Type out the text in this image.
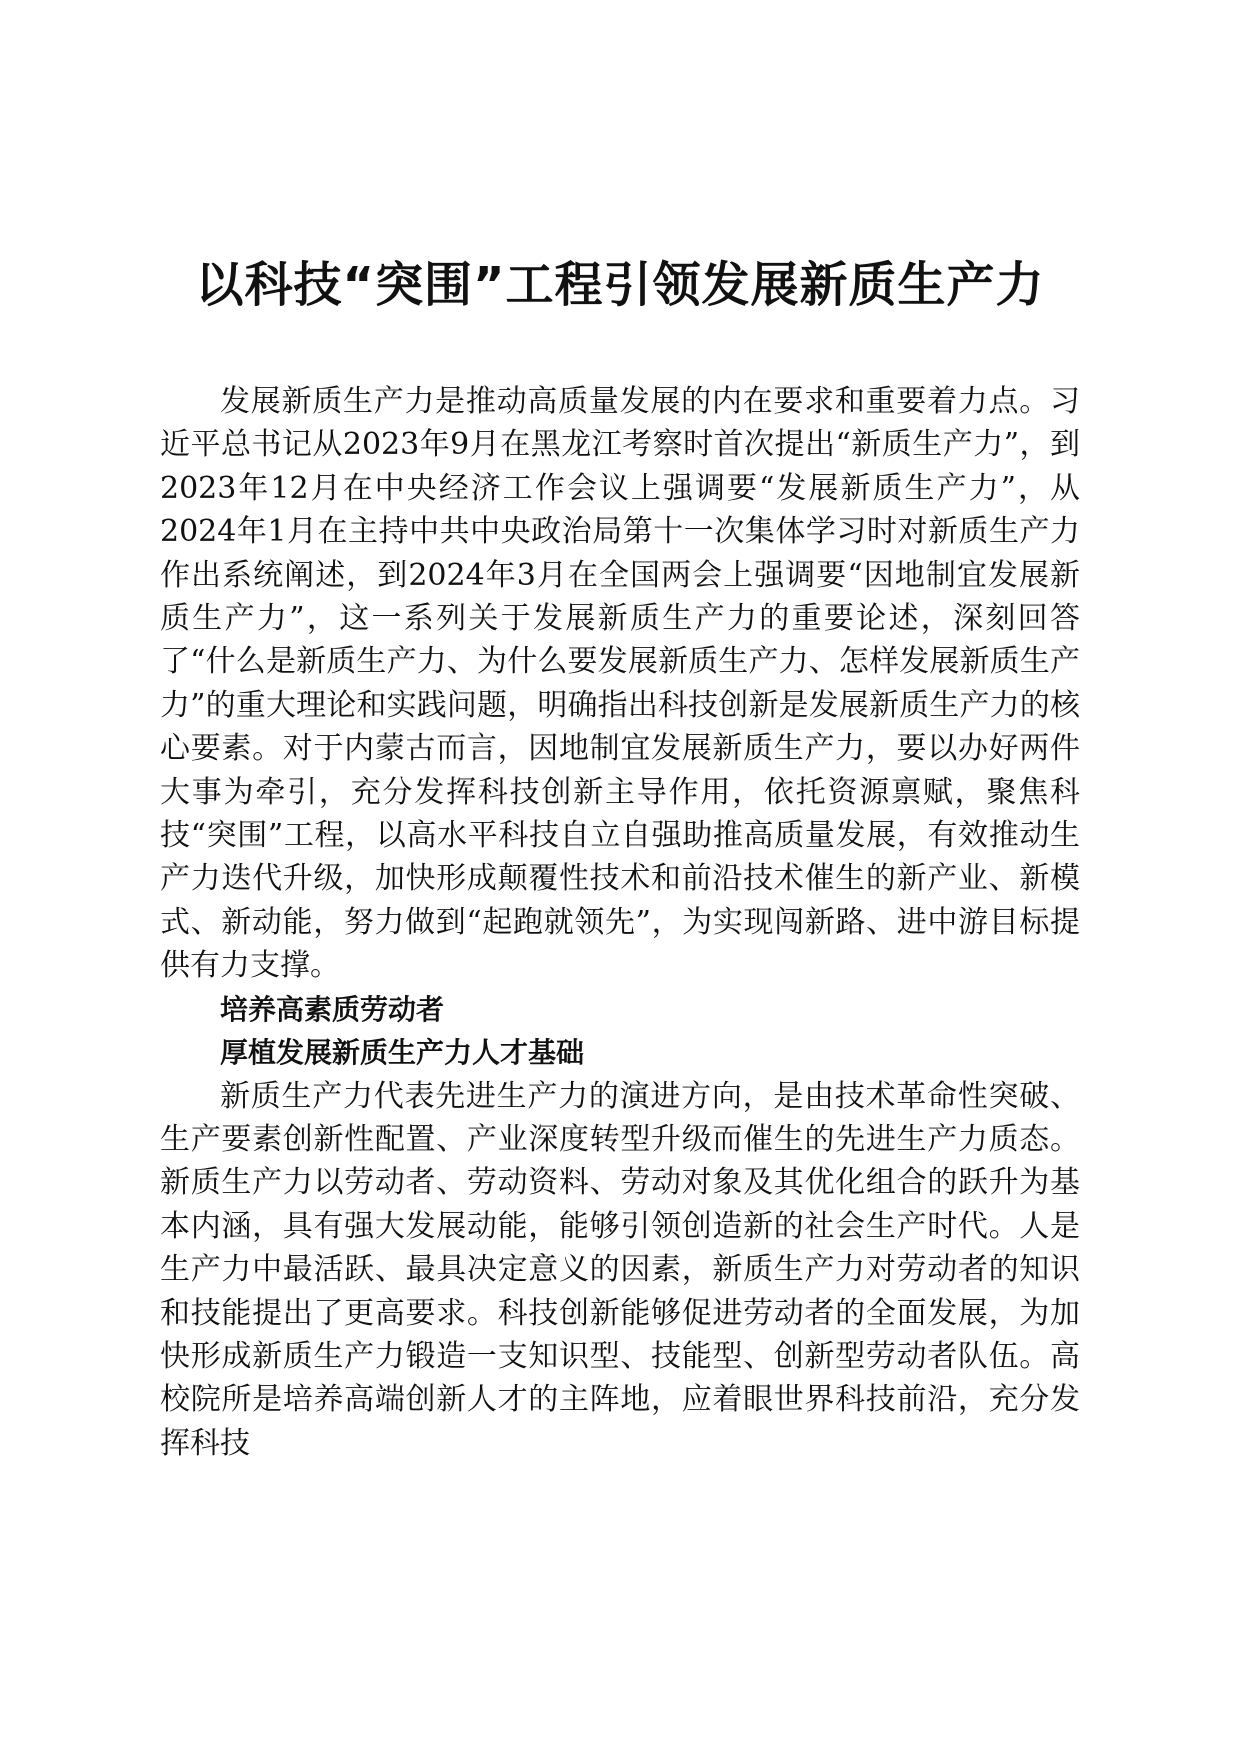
以科技“突围”工程引领发展新质生产力

发展新质生产力是推动高质量发展的内在要求和重要着力点。习近平总书记从2023年9月在黑龙江考察时首次提出“新质生产力”，到2023年12月在中央经济工作会议上强调要“发展新质生产力”，从2024年1月在主持中共中央政治局第十一次集体学习时对新质生产力作出系统阐述，到2024年3月在全国两会上强调要“因地制宜发展新质生产力”，这一系列关于发展新质生产力的重要论述，深刻回答了“什么是新质生产力、为什么要发展新质生产力、怎样发展新质生产力”的重大理论和实践问题，明确指出科技创新是发展新质生产力的核心要素。对于内蒙古而言，因地制宜发展新质生产力，要以办好两件大事为牵引，充分发挥科技创新主导作用，依托资源禀赋，聚焦科技“突围”工程，以高水平科技自立自强助推高质量发展，有效推动生产力迭代升级，加快形成颠覆性技术和前沿技术催生的新产业、新模式、新动能，努力做到“起跑就领先”，为实现闯新路、进中游目标提供有力支撑。

培养高素质劳动者

厚植发展新质生产力人才基础

新质生产力代表先进生产力的演进方向，是由技术革命性突破、生产要素创新性配置、产业深度转型升级而催生的先进生产力质态。新质生产力以劳动者、劳动资料、劳动对象及其优化组合的跃升为基本内涵，具有强大发展动能，能够引领创造新的社会生产时代。人是生产力中最活跃、最具决定意义的因素，新质生产力对劳动者的知识和技能提出了更高要求。科技创新能够促进劳动者的全面发展，为加快形成新质生产力锻造一支知识型、技能型、创新型劳动者队伍。高校院所是培养高端创新人才的主阵地，应着眼世界科技前沿，充分发挥科技
